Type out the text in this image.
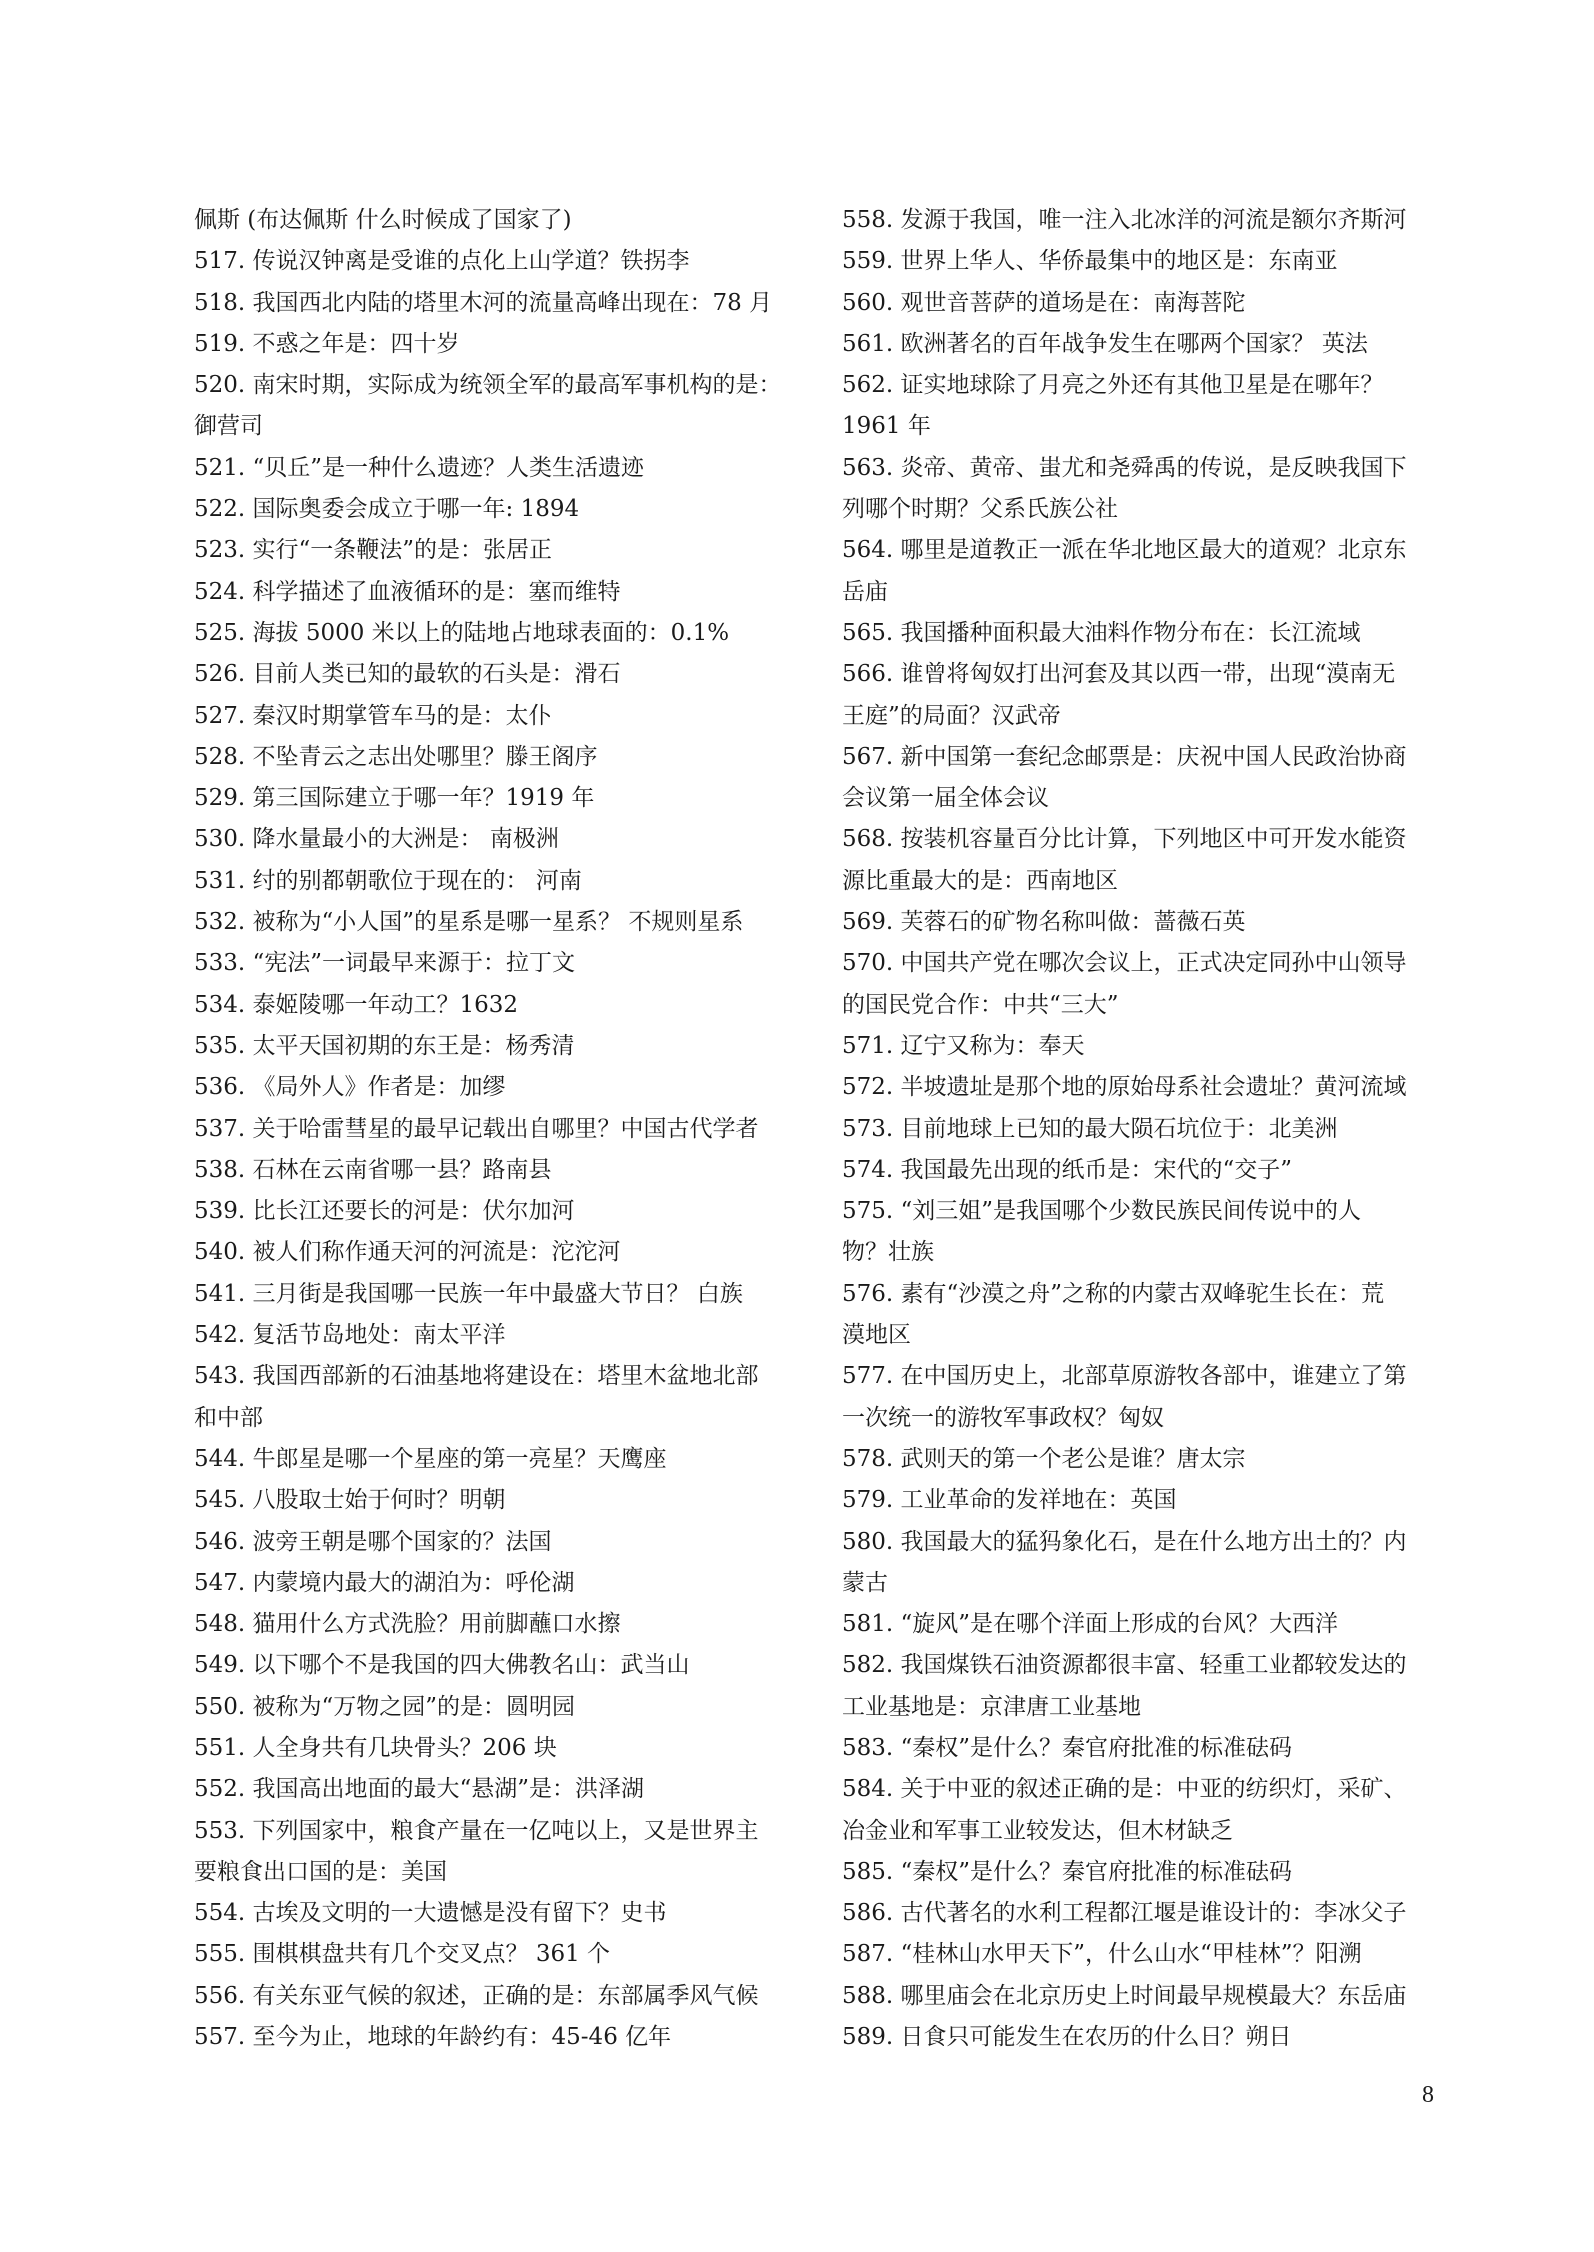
佩斯 (布达佩斯 什么时候成了国家了)
517. 传说汉钟离是受谁的点化上山学道？铁拐李
518. 我国西北内陆的塔里木河的流量高峰出现在：78 月
519. 不惑之年是：四十岁
520. 南宋时期，实际成为统领全军的最高军事机构的是：
御营司
521. “贝丘”是一种什么遗迹？人类生活遗迹
522. 国际奥委会成立于哪一年: 1894
523. 实行“一条鞭法”的是：张居正
524. 科学描述了血液循环的是：塞而维特
525. 海拔 5000 米以上的陆地占地球表面的：0.1%
526. 目前人类已知的最软的石头是：滑石
527. 秦汉时期掌管车马的是：太仆
528. 不坠青云之志出处哪里？滕王阁序
529. 第三国际建立于哪一年？1919 年
530. 降水量最小的大洲是： 南极洲
531. 纣的别都朝歌位于现在的： 河南
532. 被称为“小人国”的星系是哪一星系？ 不规则星系
533. “宪法”一词最早来源于：拉丁文
534. 泰姬陵哪一年动工？1632
535. 太平天国初期的东王是：杨秀清
536. 《局外人》作者是：加缪
537. 关于哈雷彗星的最早记载出自哪里？中国古代学者
538. 石林在云南省哪一县？路南县
539. 比长江还要长的河是：伏尔加河
540. 被人们称作通天河的河流是：沱沱河
541. 三月街是我国哪一民族一年中最盛大节日？ 白族
542. 复活节岛地处：南太平洋
543. 我国西部新的石油基地将建设在：塔里木盆地北部
和中部
544. 牛郎星是哪一个星座的第一亮星？天鹰座
545. 八股取士始于何时？明朝
546. 波旁王朝是哪个国家的？法国
547. 内蒙境内最大的湖泊为：呼伦湖
548. 猫用什么方式洗脸？用前脚蘸口水擦
549. 以下哪个不是我国的四大佛教名山：武当山
550. 被称为“万物之园”的是：圆明园
551. 人全身共有几块骨头？206 块
552. 我国高出地面的最大“悬湖”是：洪泽湖
553. 下列国家中，粮食产量在一亿吨以上，又是世界主
要粮食出口国的是：美国
554. 古埃及文明的一大遗憾是没有留下？史书
555. 围棋棋盘共有几个交叉点？ 361 个
556. 有关东亚气候的叙述，正确的是：东部属季风气候
557. 至今为止，地球的年龄约有：45-46 亿年
558. 发源于我国，唯一注入北冰洋的河流是额尔齐斯河
559. 世界上华人、华侨最集中的地区是：东南亚
560. 观世音菩萨的道场是在：南海菩陀
561. 欧洲著名的百年战争发生在哪两个国家？ 英法
562. 证实地球除了月亮之外还有其他卫星是在哪年？
1961 年
563. 炎帝、黄帝、蚩尤和尧舜禹的传说，是反映我国下
列哪个时期？父系氏族公社
564. 哪里是道教正一派在华北地区最大的道观？北京东
岳庙
565. 我国播种面积最大油料作物分布在：长江流域
566. 谁曾将匈奴打出河套及其以西一带，出现“漠南无
王庭”的局面？汉武帝
567. 新中国第一套纪念邮票是：庆祝中国人民政治协商
会议第一届全体会议
568. 按装机容量百分比计算，下列地区中可开发水能资
源比重最大的是：西南地区
569. 芙蓉石的矿物名称叫做：蔷薇石英
570. 中国共产党在哪次会议上，正式决定同孙中山领导
的国民党合作：中共“三大”
571. 辽宁又称为：奉天
572. 半坡遗址是那个地的原始母系社会遗址？黄河流域
573. 目前地球上已知的最大陨石坑位于：北美洲
574. 我国最先出现的纸币是：宋代的“交子”
575. “刘三姐”是我国哪个少数民族民间传说中的人
物？壮族
576. 素有“沙漠之舟”之称的内蒙古双峰驼生长在：荒
漠地区
577. 在中国历史上，北部草原游牧各部中，谁建立了第
一次统一的游牧军事政权？匈奴
578. 武则天的第一个老公是谁？唐太宗
579. 工业革命的发祥地在：英国
580. 我国最大的猛犸象化石，是在什么地方出土的？内
蒙古
581. “旋风”是在哪个洋面上形成的台风？大西洋
582. 我国煤铁石油资源都很丰富、轻重工业都较发达的
工业基地是：京津唐工业基地
583. “秦权”是什么？秦官府批准的标准砝码
584. 关于中亚的叙述正确的是：中亚的纺织灯，采矿、
冶金业和军事工业较发达，但木材缺乏
585. “秦权”是什么？秦官府批准的标准砝码
586. 古代著名的水利工程都江堰是谁设计的：李冰父子
587. “桂林山水甲天下”，什么山水“甲桂林”？阳溯
588. 哪里庙会在北京历史上时间最早规模最大？东岳庙
589. 日食只可能发生在农历的什么日？朔日
8
